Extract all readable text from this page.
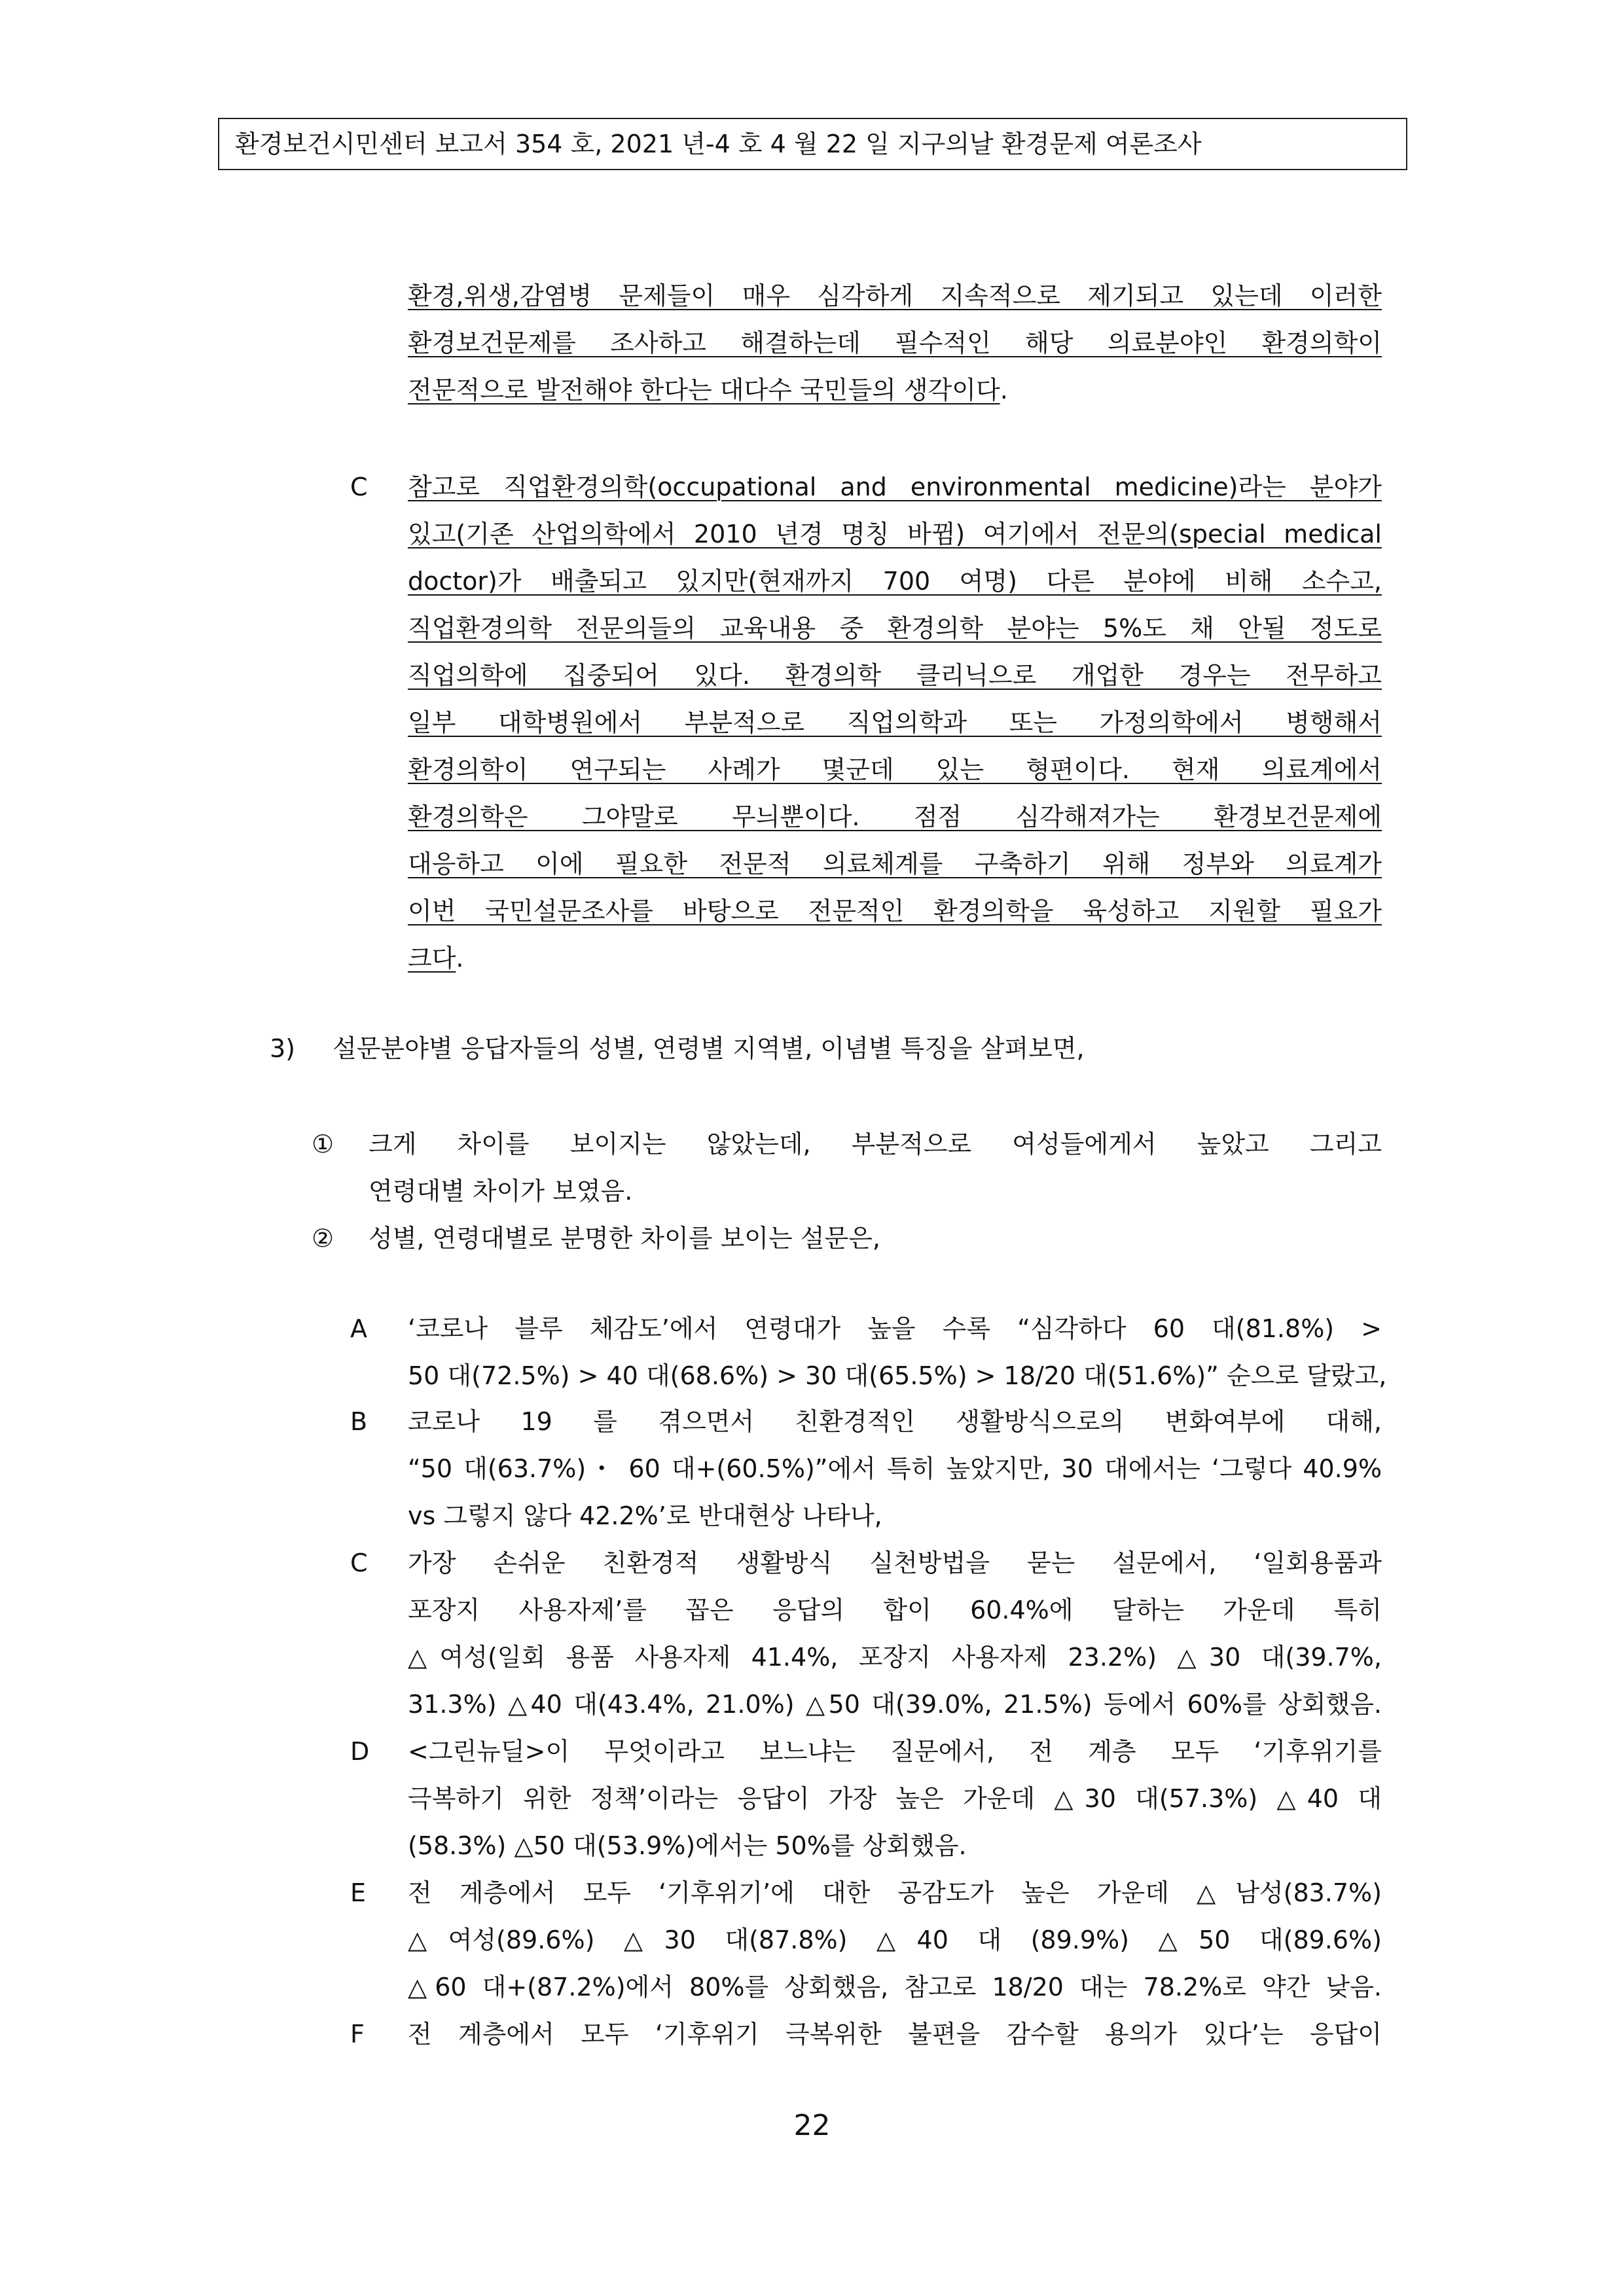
환경보건시민센터 보고서 354 호, 2021 년-4 호 4 월 22 일 지구의날 환경문제 여론조사
환경,위생,감염병 문제들이 매우 심각하게 지속적으로 제기되고 있는데 이러한
환경보건문제를 조사하고 해결하는데 필수적인 해당 의료분야인 환경의학이
전문적으로 발전해야 한다는 대다수 국민들의 생각이다.
C 참고로 직업환경의학(occupational and environmental medicine)라는 분야가
있고(기존 산업의학에서 2010 년경 명칭 바뀜) 여기에서 전문의(special medical
doctor)가 배출되고 있지만(현재까지 700 여명) 다른 분야에 비해 소수고,
직업환경의학 전문의들의 교육내용 중 환경의학 분야는 5%도 채 안될 정도로
직업의학에 집중되어 있다. 환경의학 클리닉으로 개업한 경우는 전무하고
일부 대학병원에서 부분적으로 직업의학과 또는 가정의학에서 병행해서
환경의학이 연구되는 사례가 몇군데 있는 형편이다. 현재 의료계에서
환경의학은 그야말로 무늬뿐이다. 점점 심각해져가는 환경보건문제에
대응하고 이에 필요한 전문적 의료체계를 구축하기 위해 정부와 의료계가
이번 국민설문조사를 바탕으로 전문적인 환경의학을 육성하고 지원할 필요가
크다.
3) 설문분야별 응답자들의 성별, 연령별 지역별, 이념별 특징을 살펴보면,
① 크게 차이를 보이지는 않았는데, 부분적으로 여성들에게서 높았고 그리고
연령대별 차이가 보였음.
② 성별, 연령대별로 분명한 차이를 보이는 설문은,
A ‘코로나 블루 체감도’에서 연령대가 높을 수록 “심각하다 60 대(81.8%) >
50 대(72.5%) > 40 대(68.6%) > 30 대(65.5%) > 18/20 대(51.6%)” 순으로 달랐고,
B 코로나 19 를 겪으면서 친환경적인 생활방식으로의 변화여부에 대해,
“50 대(63.7%)・ 60 대+(60.5%)”에서 특히 높았지만, 30 대에서는 ‘그렇다 40.9%
vs 그렇지 않다 42.2%’로 반대현상 나타나,
C 가장 손쉬운 친환경적 생활방식 실천방법을 묻는 설문에서, ‘일회용품과
포장지 사용자제’를 꼽은 응답의 합이 60.4%에 달하는 가운데 특히
△여성(일회 용품 사용자제 41.4%, 포장지 사용자제 23.2%) △30 대(39.7%,
31.3%) △40 대(43.4%, 21.0%) △50 대(39.0%, 21.5%) 등에서 60%를 상회했음.
D <그린뉴딜>이 무엇이라고 보느냐는 질문에서, 전 계층 모두 ‘기후위기를
극복하기 위한 정책’이라는 응답이 가장 높은 가운데 △30 대(57.3%) △40 대
(58.3%) △50 대(53.9%)에서는 50%를 상회했음.
E 전 계층에서 모두 ‘기후위기’에 대한 공감도가 높은 가운데 △남성(83.7%)
△여성(89.6%) △30 대(87.8%) △40 대 (89.9%) △50 대(89.6%)
△60 대+(87.2%)에서 80%를 상회했음, 참고로 18/20 대는 78.2%로 약간 낮음.
F 전 계층에서 모두 ‘기후위기 극복위한 불편을 감수할 용의가 있다’는 응답이
22
